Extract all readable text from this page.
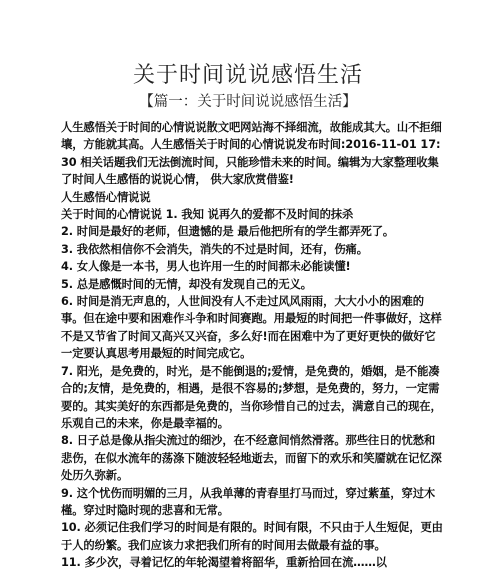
关于时间说说感悟生活
【篇一：关于时间说说感悟生活】

人生感悟关于时间的心情说说散文吧网站海不择细流，故能成其大。山不拒细壤，方能就其高。人生感悟关于时间的心情说说发布时间:2016-11-01 17:30 相关话题我们无法倒流时间，只能珍惜未来的时间。编辑为大家整理收集了时间人生感悟的说说心情， 供大家欣赏借鉴!

人生感悟心情说说

关于时间的心情说说 1. 我知 说再久的爱都不及时间的抹杀

2. 时间是最好的老师，但遗憾的是 最后他把所有的学生都弄死了。

3. 我依然相信你不会消失，消失的不过是时间，还有，伤痛。

4. 女人像是一本书，男人也许用一生的时间都未必能读懂!

5. 总是感慨时间的无情，却没有发现自己的无义。

6. 时间是消无声息的，人世间没有人不走过风风雨雨，大大小小的困难的事。但在途中要和困难作斗争和时间赛跑。用最短的时间把一件事做好，这样不是又节省了时间又高兴又兴奋，多么好!而在困难中为了更好更快的做好它一定要认真思考用最短的时间完成它。

7. 阳光，是免费的，时光，是不能倒退的;爱情，是免费的，婚姻，是不能凑合的;友情，是免费的，相遇，是很不容易的;梦想，是免费的，努力，一定需要的。其实美好的东西都是免费的，当你珍惜自己的过去，满意自己的现在，乐观自己的未来，你是最幸福的。

8. 日子总是像从指尖流过的细沙，在不经意间悄然滑落。那些往日的忧愁和悲伤，在似水流年的荡涤下随波轻轻地逝去，而留下的欢乐和笑靥就在记忆深处历久弥新。

9. 这个忧伤而明媚的三月，从我单薄的青春里打马而过，穿过紫堇，穿过木槿。穿过时隐时现的悲喜和无常。

10. 必须记住我们学习的时间是有限的。时间有限，不只由于人生短促，更由于人的纷繁。我们应该力求把我们所有的时间用去做最有益的事。

11. 多少次，寻着记忆的年轮渴望着将韶华，重新拾回在流……以
